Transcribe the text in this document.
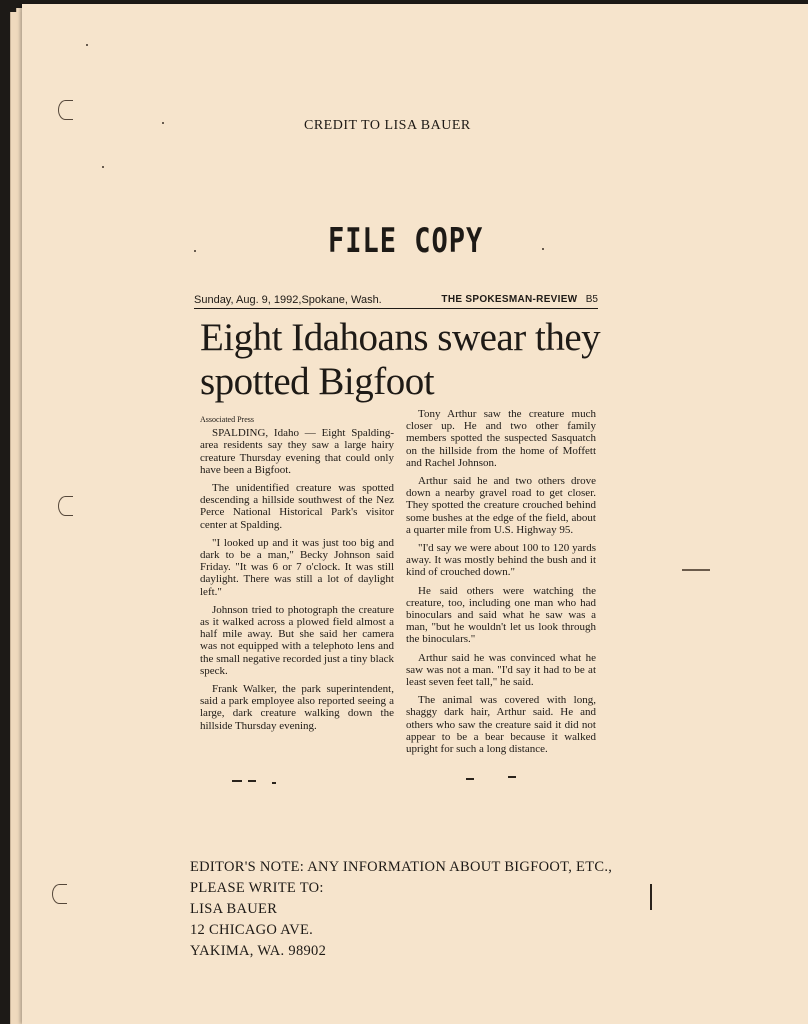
CREDIT TO LISA BAUER
FILE COPY
Sunday, Aug. 9, 1992,Spokane, Wash.	THE SPOKESMAN-REVIEW B5
Eight Idahoans swear they spotted Bigfoot

Associated Press

SPALDING, Idaho — Eight Spalding-area residents say they saw a large hairy creature Thursday evening that could only have been a Bigfoot.

The unidentified creature was spotted descending a hillside southwest of the Nez Perce National Historical Park's visitor center at Spalding.

"I looked up and it was just too big and dark to be a man," Becky Johnson said Friday. "It was 6 or 7 o'clock. It was still daylight. There was still a lot of daylight left."

Johnson tried to photograph the creature as it walked across a plowed field almost a half mile away. But she said her camera was not equipped with a telephoto lens and the small negative recorded just a tiny black speck.

Frank Walker, the park superintendent, said a park employee also reported seeing a large, dark creature walking down the hillside Thursday evening.

Tony Arthur saw the creature much closer up. He and two other family members spotted the suspected Sasquatch on the hillside from the home of Moffett and Rachel Johnson.

Arthur said he and two others drove down a nearby gravel road to get closer. They spotted the creature crouched behind some bushes at the edge of the field, about a quarter mile from U.S. Highway 95.

"I'd say we were about 100 to 120 yards away. It was mostly behind the bush and it kind of crouched down."

He said others were watching the creature, too, including one man who had binoculars and said what he saw was a man, "but he wouldn't let us look through the binoculars."

Arthur said he was convinced what he saw was not a man. "I'd say it had to be at least seven feet tall," he said.

The animal was covered with long, shaggy dark hair, Arthur said. He and others who saw the creature said it did not appear to be a bear because it walked upright for such a long distance.

EDITOR'S NOTE: ANY INFORMATION ABOUT BIGFOOT, ETC.,
PLEASE WRITE TO:
LISA BAUER
12 CHICAGO AVE.
YAKIMA, WA. 98902
